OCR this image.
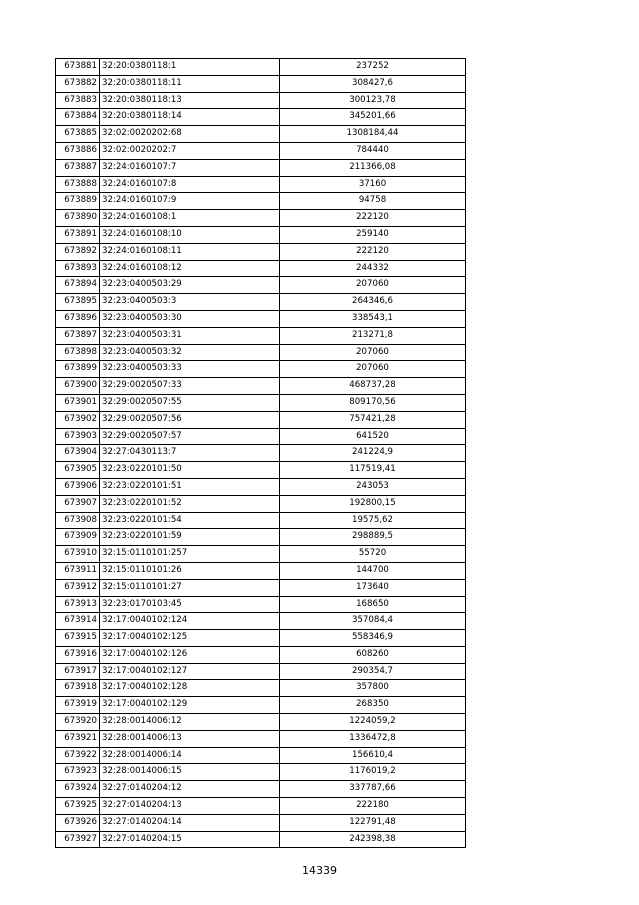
673881	32:20:0380118:1	237252
673882	32:20:0380118:11	308427,6
673883	32:20:0380118:13	300123,78
673884	32:20:0380118:14	345201,66
673885	32:02:0020202:68	1308184,44
673886	32:02:0020202:7	784440
673887	32:24:0160107:7	211366,08
673888	32:24:0160107:8	37160
673889	32:24:0160107:9	94758
673890	32:24:0160108:1	222120
673891	32:24:0160108:10	259140
673892	32:24:0160108:11	222120
673893	32:24:0160108:12	244332
673894	32:23:0400503:29	207060
673895	32:23:0400503:3	264346,6
673896	32:23:0400503:30	338543,1
673897	32:23:0400503:31	213271,8
673898	32:23:0400503:32	207060
673899	32:23:0400503:33	207060
673900	32:29:0020507:33	468737,28
673901	32:29:0020507:55	809170,56
673902	32:29:0020507:56	757421,28
673903	32:29:0020507:57	641520
673904	32:27:0430113:7	241224,9
673905	32:23:0220101:50	117519,41
673906	32:23:0220101:51	243053
673907	32:23:0220101:52	192800,15
673908	32:23:0220101:54	19575,62
673909	32:23:0220101:59	298889,5
673910	32:15:0110101:257	55720
673911	32:15:0110101:26	144700
673912	32:15:0110101:27	173640
673913	32:23:0170103:45	168650
673914	32:17:0040102:124	357084,4
673915	32:17:0040102:125	558346,9
673916	32:17:0040102:126	608260
673917	32:17:0040102:127	290354,7
673918	32:17:0040102:128	357800
673919	32:17:0040102:129	268350
673920	32:28:0014006:12	1224059,2
673921	32:28:0014006:13	1336472,8
673922	32:28:0014006:14	156610,4
673923	32:28:0014006:15	1176019,2
673924	32:27:0140204:12	337787,66
673925	32:27:0140204:13	222180
673926	32:27:0140204:14	122791,48
673927	32:27:0140204:15	242398,38
14339
